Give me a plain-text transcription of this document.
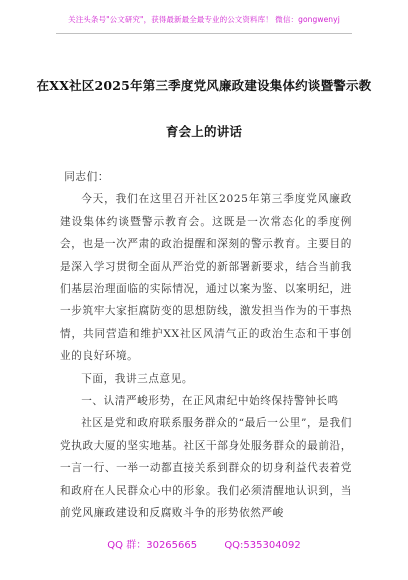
关注头条号"公文研究"，获得最新最全最专业的公文资料库！ 微信：gongwenyj
在XX社区2025年第三季度党风廉政建设集体约谈暨警示教
育会上的讲话

同志们：

今天，我们在这里召开社区2025年第三季度党风廉政建设集体约谈暨警示教育会。这既是一次常态化的季度例会，也是一次严肃的政治提醒和深刻的警示教育。主要目的是深入学习贯彻全面从严治党的新部署新要求，结合当前我们基层治理面临的实际情况，通过以案为鉴、以案明纪，进一步筑牢大家拒腐防变的思想防线，激发担当作为的干事热情，共同营造和维护XX社区风清气正的政治生态和干事创业的良好环境。

下面，我讲三点意见。

一、认清严峻形势，在正风肃纪中始终保持警钟长鸣

社区是党和政府联系服务群众的“最后一公里”，是我们党执政大厦的坚实地基。社区干部身处服务群众的最前沿，一言一行、一举一动都直接关系到群众的切身利益代表着党和政府在人民群众心中的形象。我们必须清醒地认识到，当前党风廉政建设和反腐败斗争的形势依然严峻

QQ 群：30265665	QQ:535304092
